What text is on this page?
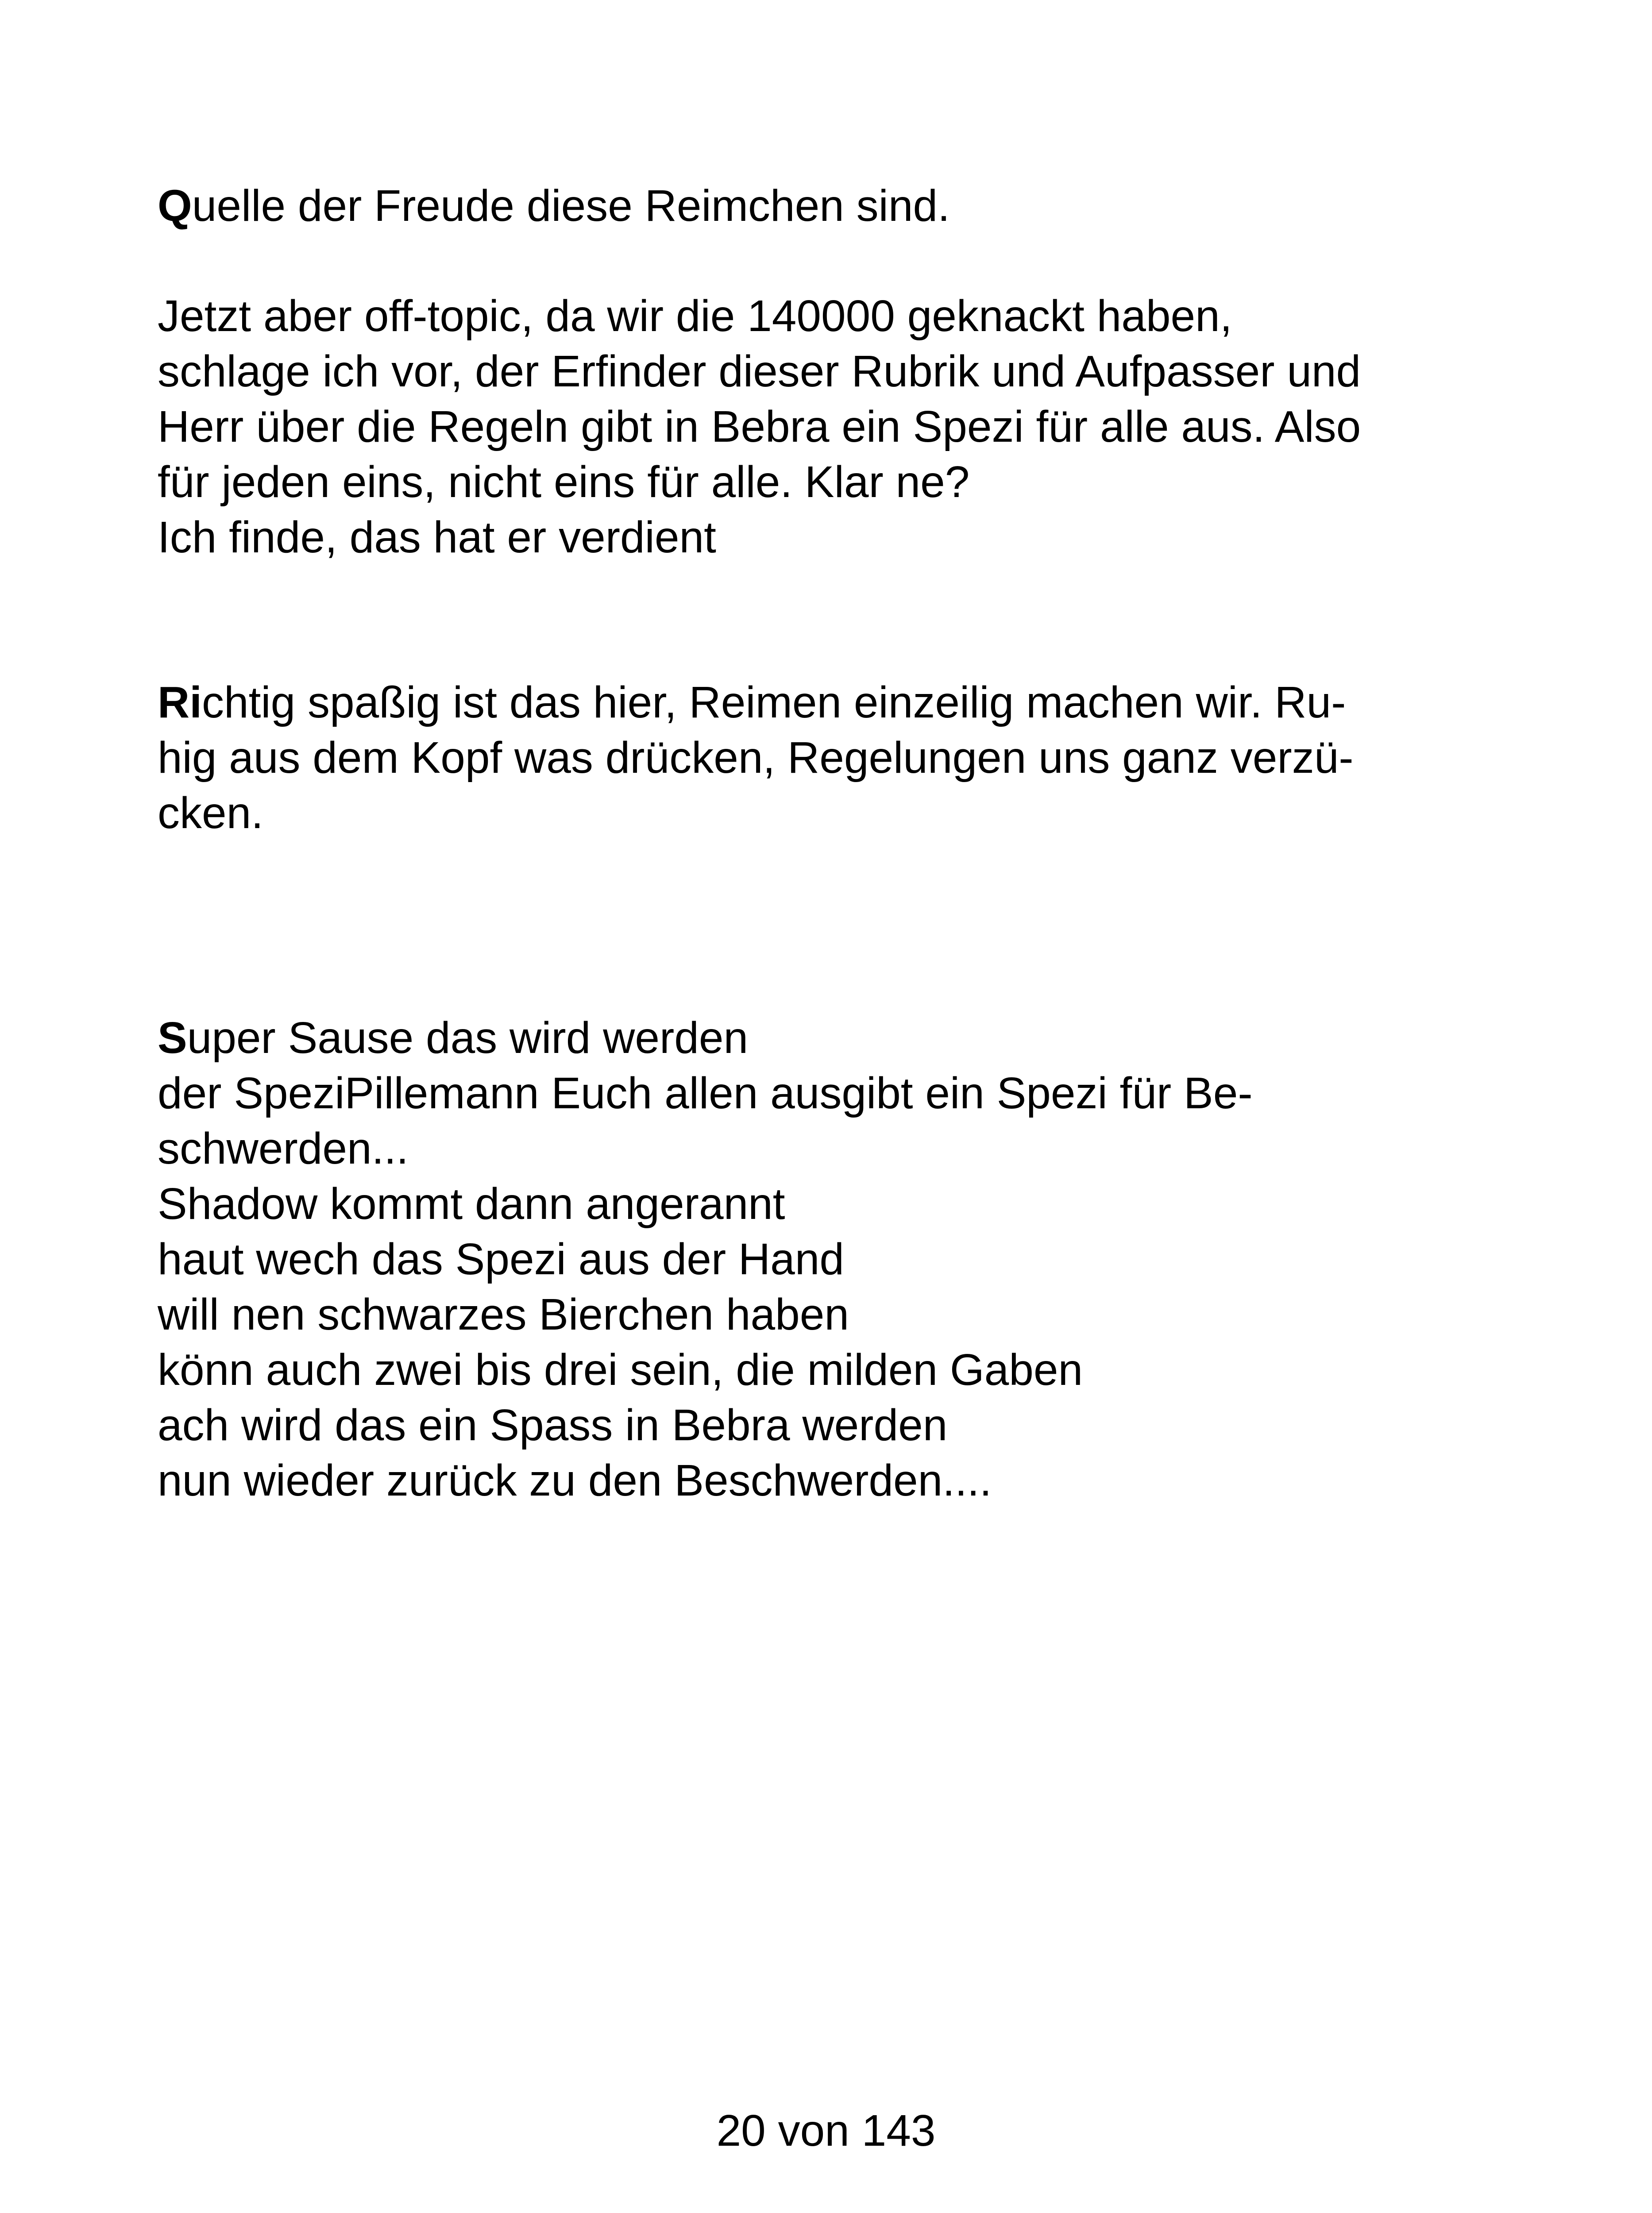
Quelle der Freude diese Reimchen sind.
Jetzt aber off-topic, da wir die 140000 geknackt haben,
schlage ich vor, der Erfinder dieser Rubrik und Aufpasser und
Herr über die Regeln gibt in Bebra ein Spezi für alle aus. Also
für jeden eins, nicht eins für alle. Klar ne?
Ich finde, das hat er verdient
Richtig spaßig ist das hier, Reimen einzeilig machen wir. Ru-
hig aus dem Kopf was drücken, Regelungen uns ganz verzü-
cken.
Super Sause das wird werden
der SpeziPillemann Euch allen ausgibt ein Spezi für Be-
schwerden...
Shadow kommt dann angerannt
haut wech das Spezi aus der Hand
will nen schwarzes Bierchen haben
könn auch zwei bis drei sein, die milden Gaben
ach wird das ein Spass in Bebra werden
nun wieder zurück zu den Beschwerden....
20 von 143
